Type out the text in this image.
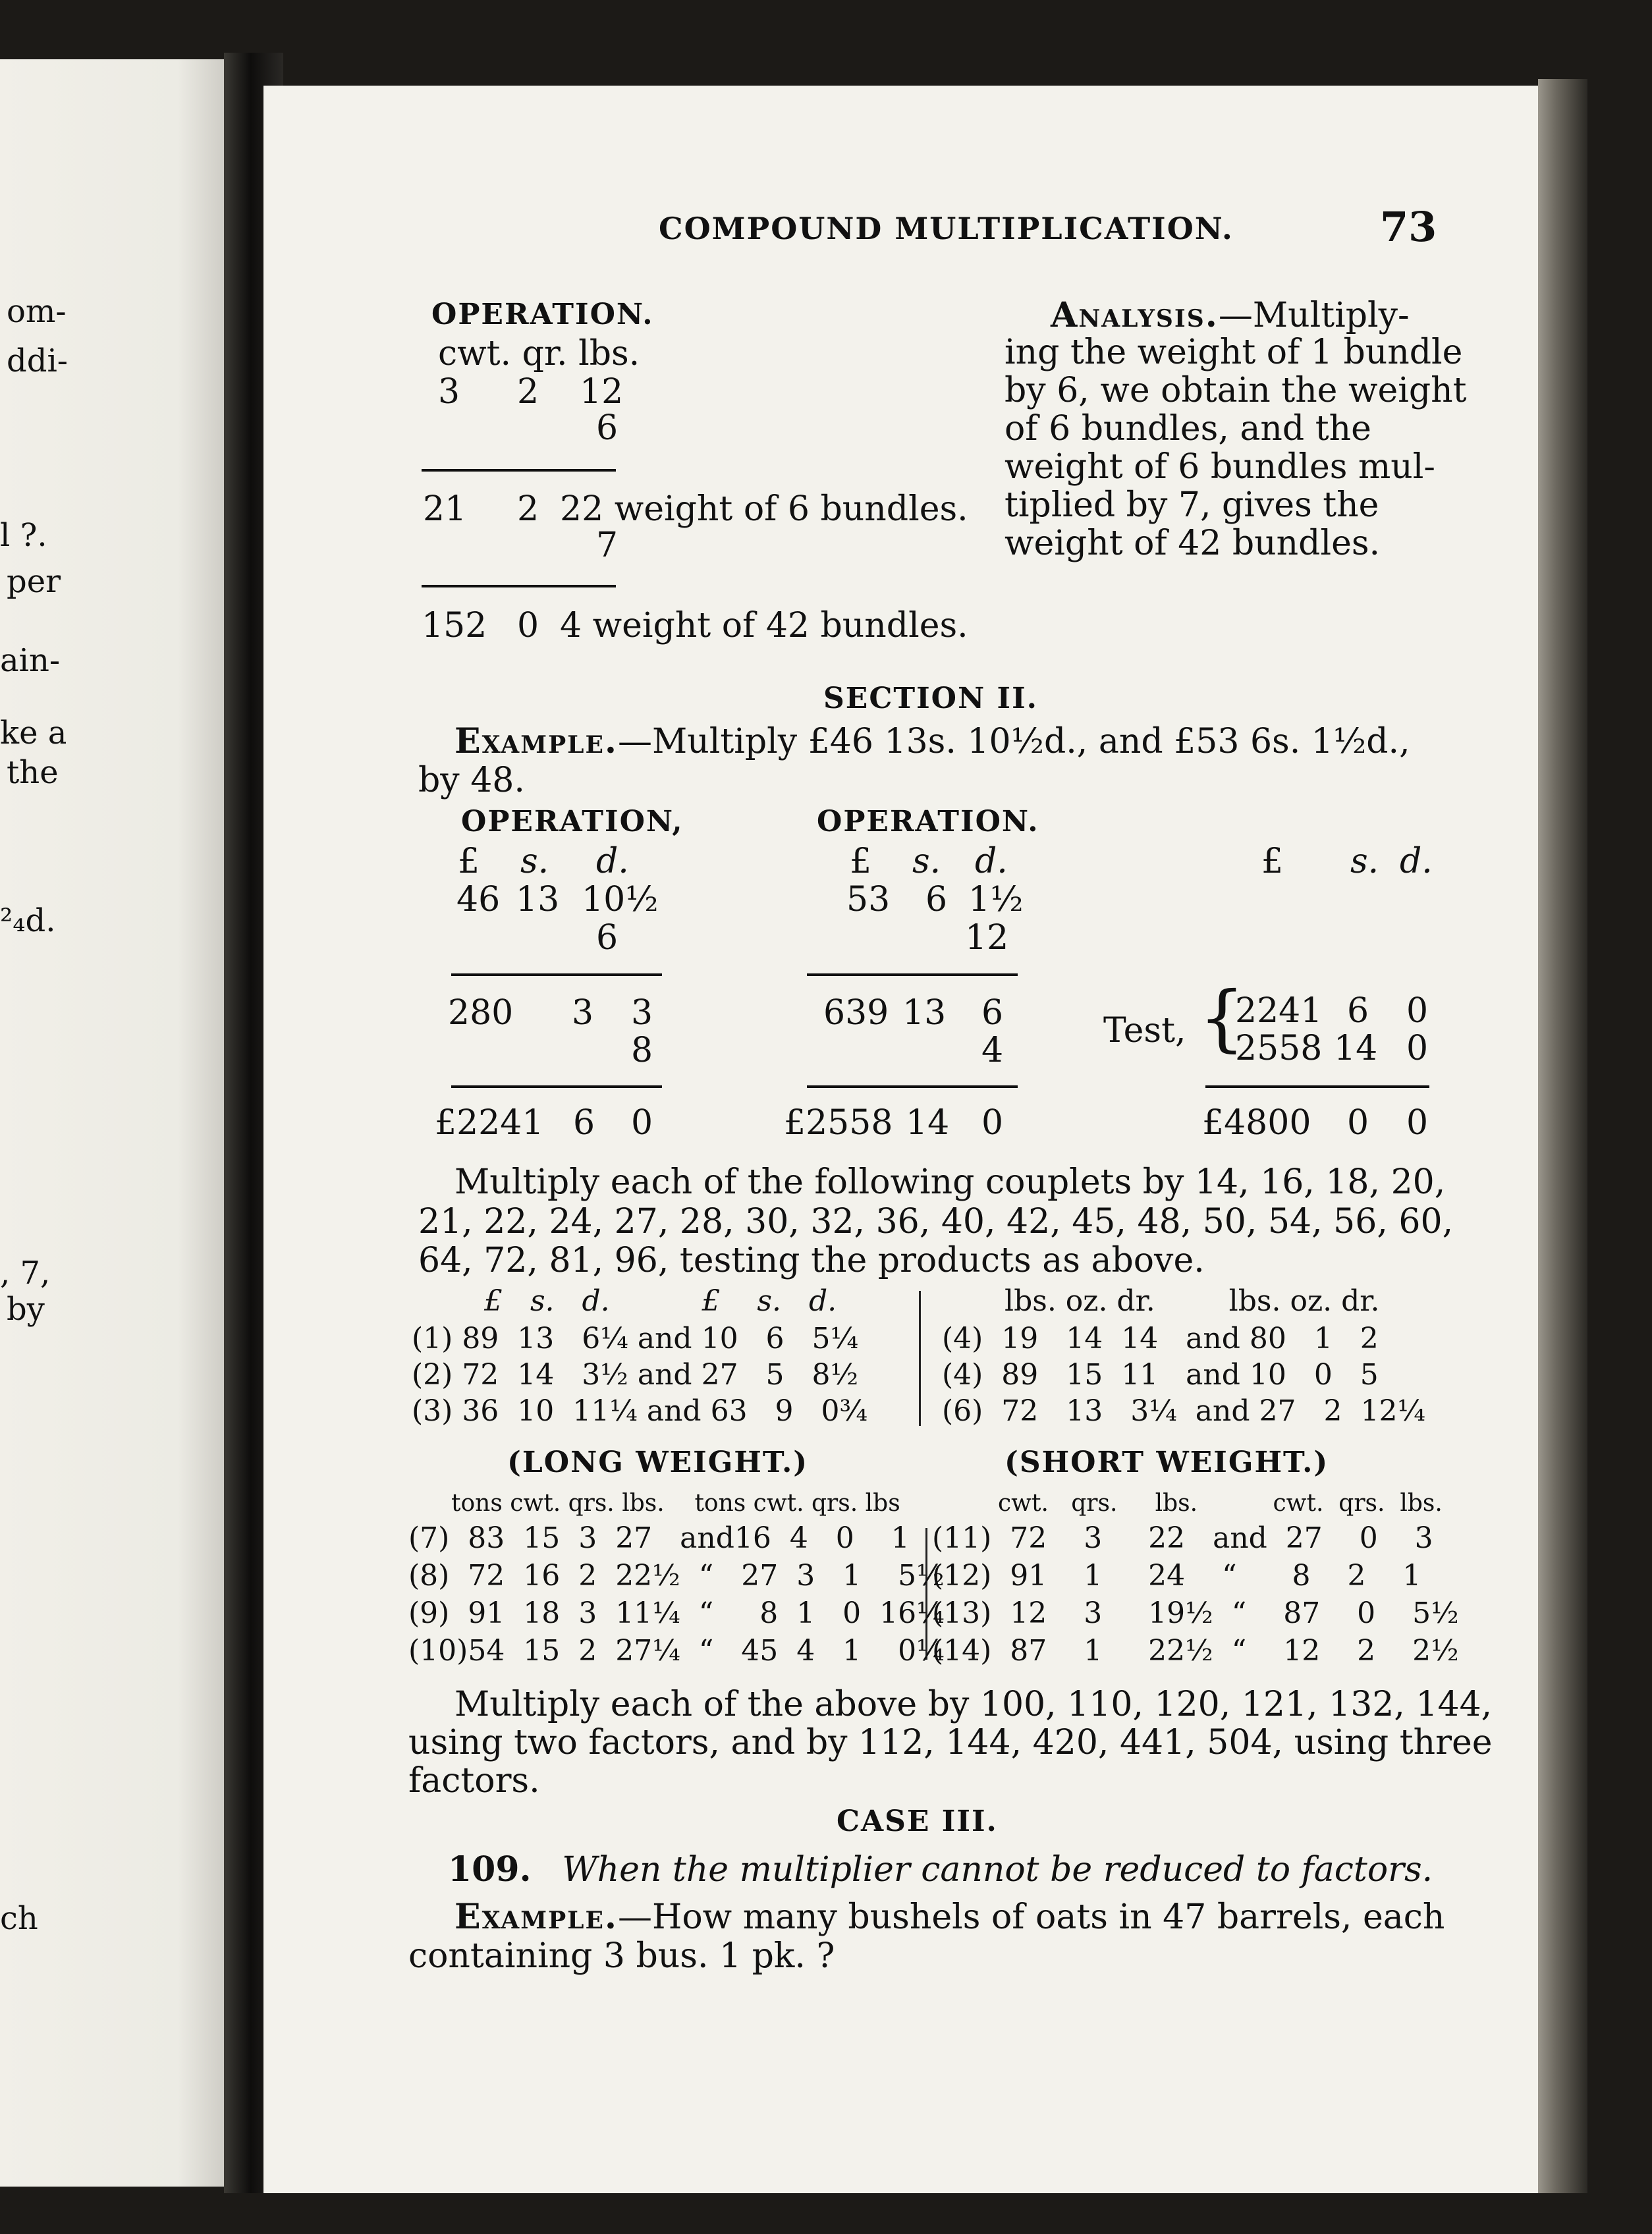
om-
ddi-
l ?.
per
ain-
ke a
the
²₄d.
, 7,
by
ch
COMPOUND MULTIPLICATION.	73
OPERATION.
cwt. qr. lbs.
3 2 12
6
21 2 22 weight of 6 bundles.
7
152 0 4 weight of 42 bundles.
Analysis.—Multiply-
ing the weight of 1 bundle
by 6, we obtain the weight
of 6 bundles, and the
weight of 6 bundles mul-
tiplied by 7, gives the
weight of 42 bundles.
SECTION II.
Example.—Multiply £46 13s. 10½d., and £53 6s. 1½d.,
by 48.
OPERATION,
£ s. d.
46 13 10½
6
280 3 3
8
£2241 6 0
OPERATION.
£ s. d.
53 6 1½
12
639 13 6
4
£2558 14 0
£ s. d.
Test, {
2241 6 0
2558 14 0
£4800 0 0
Multiply each of the following couplets by 14, 16, 18, 20,
21, 22, 24, 27, 28, 30, 32, 36, 40, 42, 45, 48, 50, 54, 56, 60,
64, 72, 81, 96, testing the products as above.
£   s.   d.          £    s.   d.	lbs. oz. dr.        lbs. oz. dr.
(1) 89  13   6¼ and 10   6   5¼
(2) 72  14   3½ and 27   5   8½
(3) 36  10  11¼ and 63   9   0¾
(4)  19   14  14   and 80   1   2
(4)  89   15  11   and 10   0   5
(6)  72   13   3¼  and 27   2  12¼
(LONG WEIGHT.)	(SHORT WEIGHT.)
tons cwt. qrs. lbs.    tons cwt. qrs. lbs	cwt.   qrs.     lbs.          cwt.  qrs.  lbs.
(7)  83  15  3  27   and16  4   0    1
(8)  72  16  2  22½  “   27  3   1    5½
(9)  91  18  3  11¼  “     8  1   0  16¼
(10)54  15  2  27¼  “   45  4   1    0¼
(11)  72    3     22   and  27    0    3
(12)  91    1     24    “      8    2    1
(13)  12    3     19½  “    87    0    5½
(14)  87    1     22½  “    12    2    2½
Multiply each of the above by 100, 110, 120, 121, 132, 144,
using two factors, and by 112, 144, 420, 441, 504, using three
factors.
CASE III.
109. When the multiplier cannot be reduced to factors.
Example.—How many bushels of oats in 47 barrels, each
containing 3 bus. 1 pk. ?
